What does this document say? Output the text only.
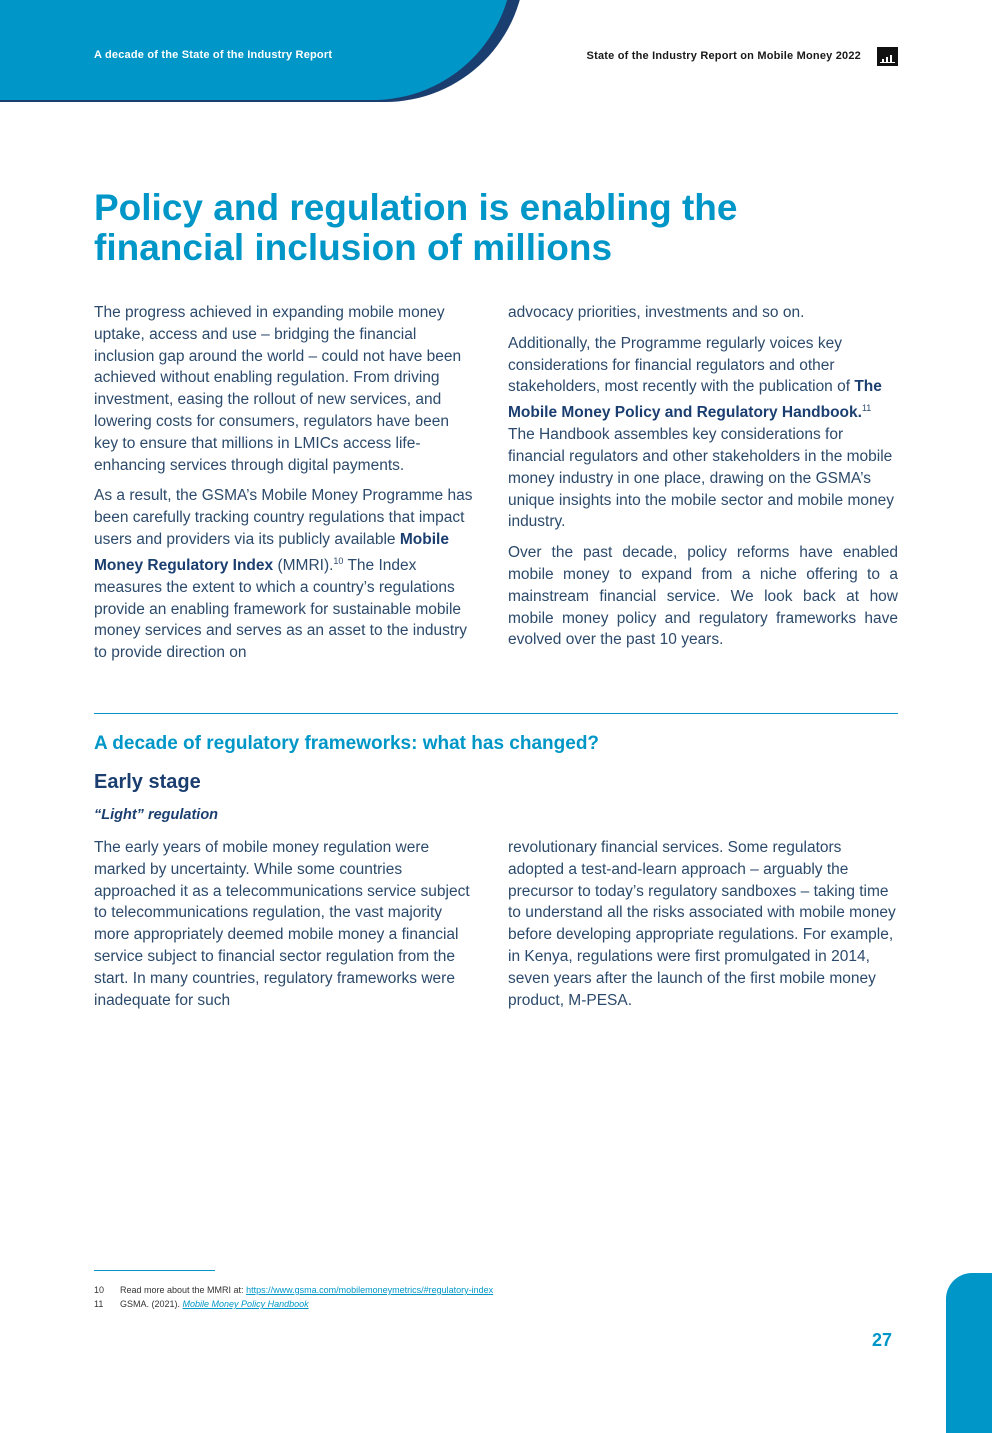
A decade of the State of the Industry Report	State of the Industry Report on Mobile Money 2022
Policy and regulation is enabling the
financial inclusion of millions

The progress achieved in expanding mobile money uptake, access and use – bridging the financial inclusion gap around the world – could not have been achieved without enabling regulation. From driving investment, easing the rollout of new services, and lowering costs for consumers, regulators have been key to ensure that millions in LMICs access life-enhancing services through digital payments.

As a result, the GSMA’s Mobile Money Programme has been carefully tracking country regulations that impact users and providers via its publicly available Mobile Money Regulatory Index (MMRI).$^{10}$ The Index measures the extent to which a country’s regulations provide an enabling framework for sustainable mobile money services and serves as an asset to the industry to provide direction on

advocacy priorities, investments and so on.

Additionally, the Programme regularly voices key considerations for financial regulators and other stakeholders, most recently with the publication of The Mobile Money Policy and Regulatory Handbook.$^{11}$ The Handbook assembles key considerations for financial regulators and other stakeholders in the mobile money industry in one place, drawing on the GSMA’s unique insights into the mobile sector and mobile money industry.

Over the past decade, policy reforms have enabled mobile money to expand from a niche offering to a mainstream financial service. We look back at how mobile money policy and regulatory frameworks have evolved over the past 10 years.

A decade of regulatory frameworks: what has changed?
Early stage
“Light” regulation

The early years of mobile money regulation were marked by uncertainty. While some countries approached it as a telecommunications service subject to telecommunications regulation, the vast majority more appropriately deemed mobile money a financial service subject to financial sector regulation from the start. In many countries, regulatory frameworks were inadequate for such

revolutionary financial services. Some regulators adopted a test-and-learn approach – arguably the precursor to today’s regulatory sandboxes – taking time to understand all the risks associated with mobile money before developing appropriate regulations. For example, in Kenya, regulations were first promulgated in 2014, seven years after the launch of the first mobile money product, M-PESA.

10 Read more about the MMRI at: https://www.gsma.com/mobilemoneymetrics/#regulatory-index
11 GSMA. (2021). Mobile Money Policy Handbook
27
